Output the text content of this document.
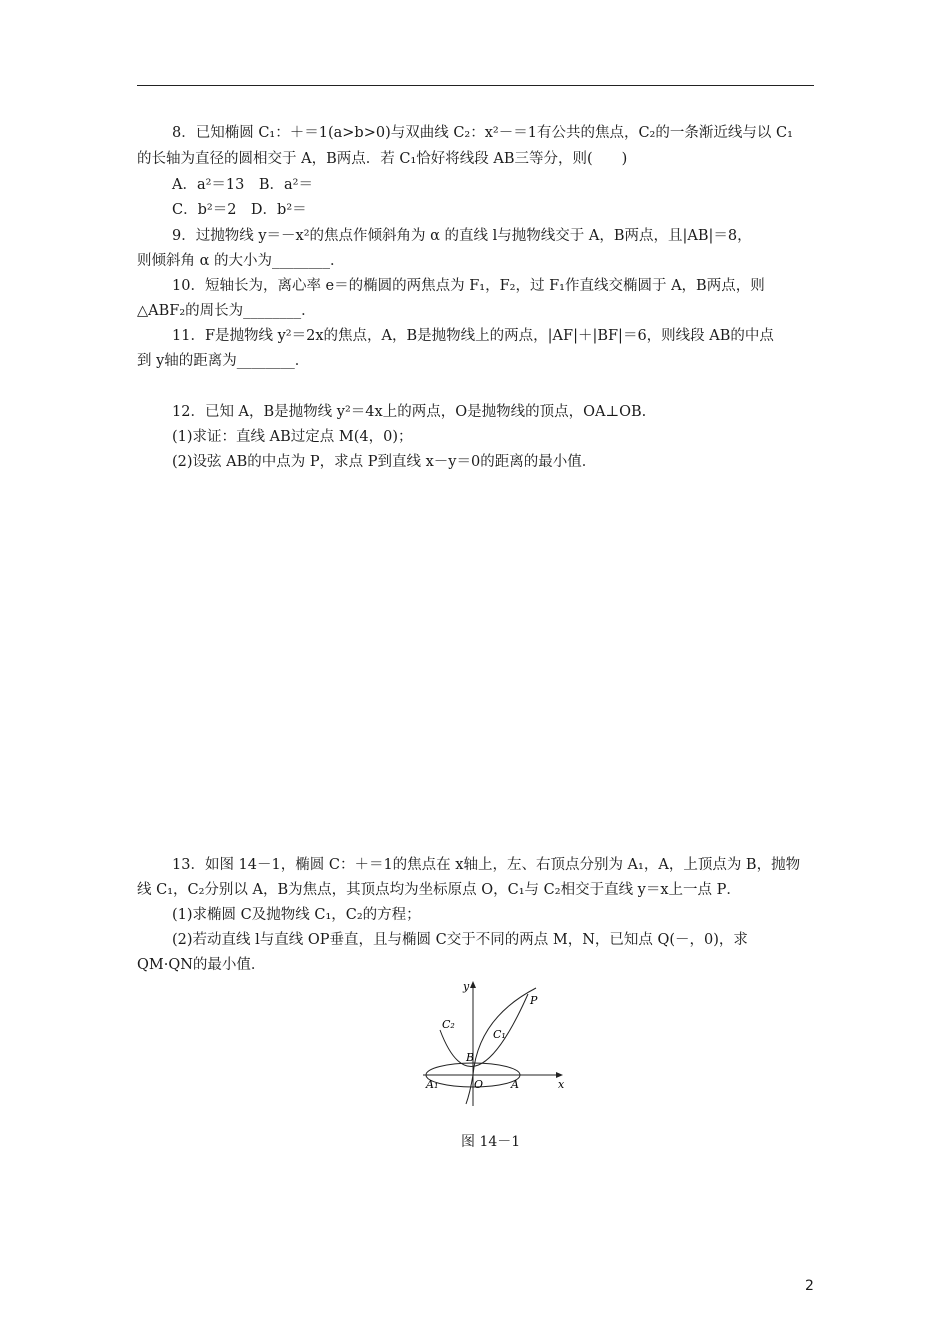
8．已知椭圆 C₁：＋＝1(a>b>0)与双曲线 C₂：x²－＝1有公共的焦点，C₂的一条渐近线与以 C₁
的长轴为直径的圆相交于 A，B两点．若 C₁恰好将线段 AB三等分，则(　　)
A．a²＝13　B．a²＝
C．b²＝2　D．b²＝
9．过抛物线 y＝－x²的焦点作倾斜角为 α 的直线 l与抛物线交于 A，B两点，且|AB|＝8，
则倾斜角 α 的大小为________．
10．短轴长为，离心率 e＝的椭圆的两焦点为 F₁，F₂，过 F₁作直线交椭圆于 A，B两点，则
△ABF₂的周长为________．
11．F是抛物线 y²＝2x的焦点，A，B是抛物线上的两点，|AF|＋|BF|＝6，则线段 AB的中点
到 y轴的距离为________．
12．已知 A，B是抛物线 y²＝4x上的两点，O是抛物线的顶点，OA⊥OB.
(1)求证：直线 AB过定点 M(4，0)；
(2)设弦 AB的中点为 P，求点 P到直线 x－y＝0的距离的最小值．
13．如图 14－1，椭圆 C：＋＝1的焦点在 x轴上，左、右顶点分别为 A₁，A，上顶点为 B，抛物
线 C₁，C₂分别以 A，B为焦点，其顶点均为坐标原点 O，C₁与 C₂相交于直线 y＝x上一点 P．
(1)求椭圆 C及抛物线 C₁，C₂的方程；
(2)若动直线 l与直线 OP垂直，且与椭圆 C交于不同的两点 M，N，已知点 Q(－，0)，求
QM·QN的最小值．
y
x
C₂
C₁
P
B
A₁	O	A
图 14－1
2
